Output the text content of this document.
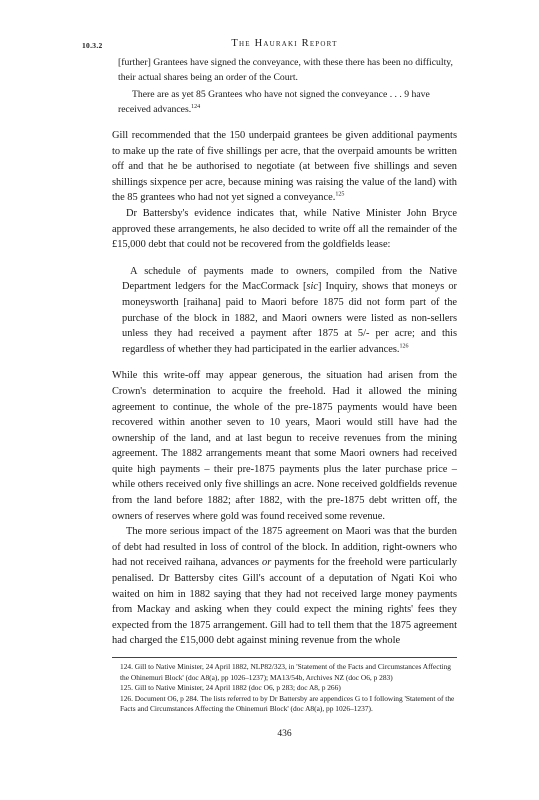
10.3.2	The Hauraki Report

[further] Grantees have signed the conveyance, with these there has been no difficulty, their actual shares being an order of the Court.

There are as yet 85 Grantees who have not signed the conveyance . . . 9 have received advances.$^{124}$

Gill recommended that the 150 underpaid grantees be given additional payments to make up the rate of five shillings per acre, that the overpaid amounts be written off and that he be authorised to negotiate (at between five shillings and seven shillings sixpence per acre, because mining was raising the value of the land) with the 85 grantees who had not yet signed a conveyance.$^{125}$

Dr Battersby's evidence indicates that, while Native Minister John Bryce approved these arrangements, he also decided to write off all the remainder of the £15,000 debt that could not be recovered from the goldfields lease:

A schedule of payments made to owners, compiled from the Native Department ledgers for the MacCormack [sic] Inquiry, shows that moneys or moneysworth [raihana] paid to Maori before 1875 did not form part of the purchase of the block in 1882, and Maori owners were listed as non-sellers unless they had received a payment after 1875 at 5/- per acre; and this regardless of whether they had participated in the earlier advances.$^{126}$

While this write-off may appear generous, the situation had arisen from the Crown's determination to acquire the freehold. Had it allowed the mining agreement to continue, the whole of the pre-1875 payments would have been recovered within another seven to 10 years, Maori would still have had the ownership of the land, and at last begun to receive revenues from the mining agreement. The 1882 arrangements meant that some Maori owners had received quite high payments – their pre-1875 payments plus the later purchase price – while others received only five shillings an acre. None received goldfields revenue from the land before 1882; after 1882, with the pre-1875 debt written off, the owners of reserves where gold was found received some revenue.

The more serious impact of the 1875 agreement on Maori was that the burden of debt had resulted in loss of control of the block. In addition, right-owners who had not received raihana, advances or payments for the freehold were particularly penalised. Dr Battersby cites Gill's account of a deputation of Ngati Koi who waited on him in 1882 saying that they had not received large money payments from Mackay and asking when they could expect the mining rights' fees they expected from the 1875 arrangement. Gill had to tell them that the 1875 agreement had charged the £15,000 debt against mining revenue from the whole

124. Gill to Native Minister, 24 April 1882, NLP82/323, in 'Statement of the Facts and Circumstances Affecting the Ohinemuri Block' (doc A8(a), pp 1026–1237); MA13/54b, Archives NZ (doc O6, p 283)

125. Gill to Native Minister, 24 April 1882 (doc O6, p 283; doc A8, p 266)

126. Document O6, p 284. The lists referred to by Dr Battersby are appendices G to I following 'Statement of the Facts and Circumstances Affecting the Ohinemuri Block' (doc A8(a), pp 1026–1237).

436
